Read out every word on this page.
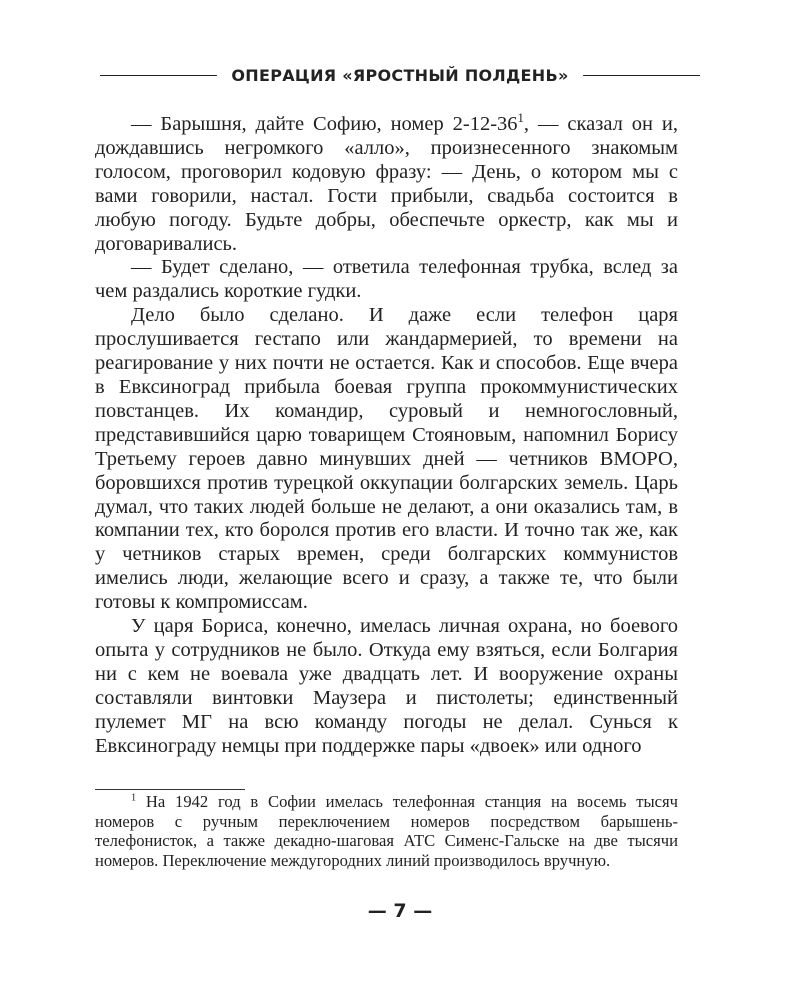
ОПЕРАЦИЯ «ЯРОСТНЫЙ ПОЛДЕНЬ»

— Барышня, дайте Софию, номер $2-12-36^1$, — сказал он и, дождавшись негромкого «алло», произнесенного знакомым голосом, проговорил кодовую фразу: — День, о котором мы с вами говорили, настал. Гости прибыли, свадьба состоится в любую погоду. Будьте добры, обеспечьте оркестр, как мы и договаривались.

— Будет сделано, — ответила телефонная трубка, вслед за чем раздались короткие гудки.

Дело было сделано. И даже если телефон царя прослушивается гестапо или жандармерией, то времени на реагирование у них почти не остается. Как и способов. Еще вчера в Евксиноград прибыла боевая группа прокоммунистических повстанцев. Их командир, суровый и немногословный, представившийся царю товарищем Стояновым, напомнил Борису Третьему героев давно минувших дней — четников ВМОРО, боровшихся против турецкой оккупации болгарских земель. Царь думал, что таких людей больше не делают, а они оказались там, в компании тех, кто боролся против его власти. И точно так же, как у четников старых времен, среди болгарских коммунистов имелись люди, желающие всего и сразу, а также те, что были готовы к компромиссам.

У царя Бориса, конечно, имелась личная охрана, но боевого опыта у сотрудников не было. Откуда ему взяться, если Болгария ни с кем не воевала уже двадцать лет. И вооружение охраны составляли винтовки Маузера и пистолеты; единственный пулемет МГ на всю команду погоды не делал. Сунься к Евксинограду немцы при поддержке пары «двоек» или одного

$^1$ На 1942 год в Софии имелась телефонная станция на восемь тысяч номеров с ручным переключением номеров посредством барышень-телефонисток, а также декадно-шаговая АТС Сименс-Гальске на две тысячи номеров. Переключение междугородних линий производилось вручную.

— 7 —
